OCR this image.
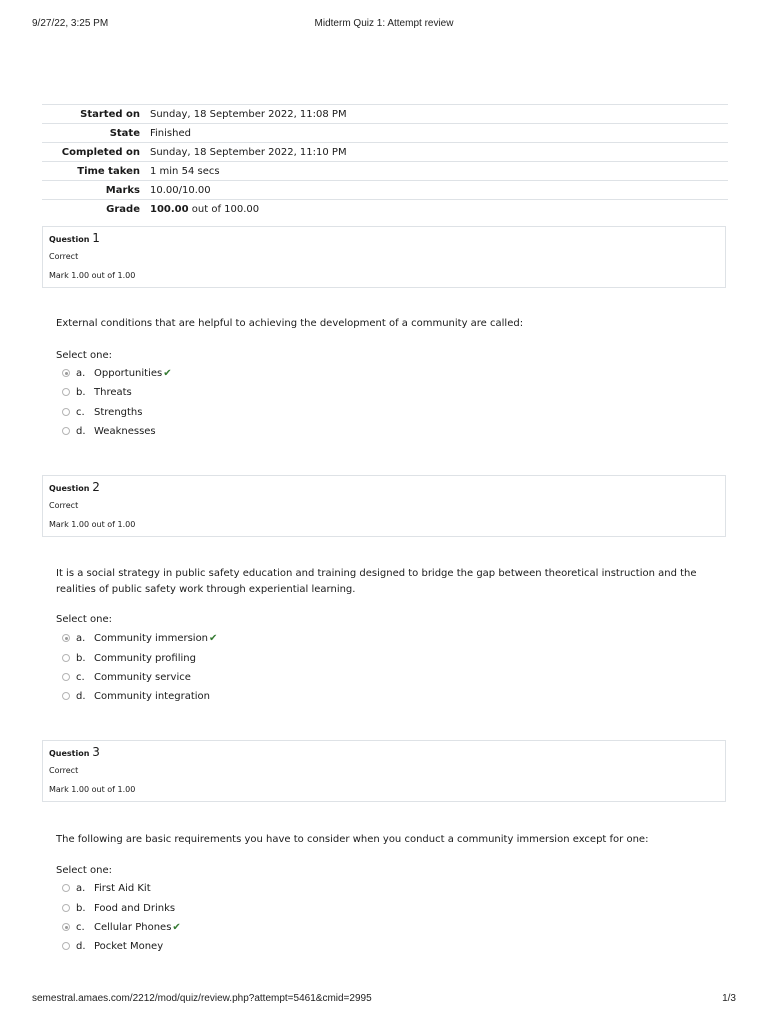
9/27/22, 3:25 PM	Midterm Quiz 1: Attempt review
Started on	Sunday, 18 September 2022, 11:08 PM
State	Finished
Completed on	Sunday, 18 September 2022, 11:10 PM
Time taken	1 min 54 secs
Marks	10.00/10.00
Grade	100.00 out of 100.00
Question 1
Correct
Mark 1.00 out of 1.00
External conditions that are helpful to achieving the development of a community are called:
Select one:
a. Opportunities✔
b. Threats
c. Strengths
d. Weaknesses
Question 2
Correct
Mark 1.00 out of 1.00
It is a social strategy in public safety education and training designed to bridge the gap between theoretical instruction and the realities of public safety work through experiential learning.
Select one:
a. Community immersion✔
b. Community profiling
c. Community service
d. Community integration
Question 3
Correct
Mark 1.00 out of 1.00
The following are basic requirements you have to consider when you conduct a community immersion except for one:
Select one:
a. First Aid Kit
b. Food and Drinks
c. Cellular Phones✔
d. Pocket Money
semestral.amaes.com/2212/mod/quiz/review.php?attempt=5461&cmid=2995	1/3
